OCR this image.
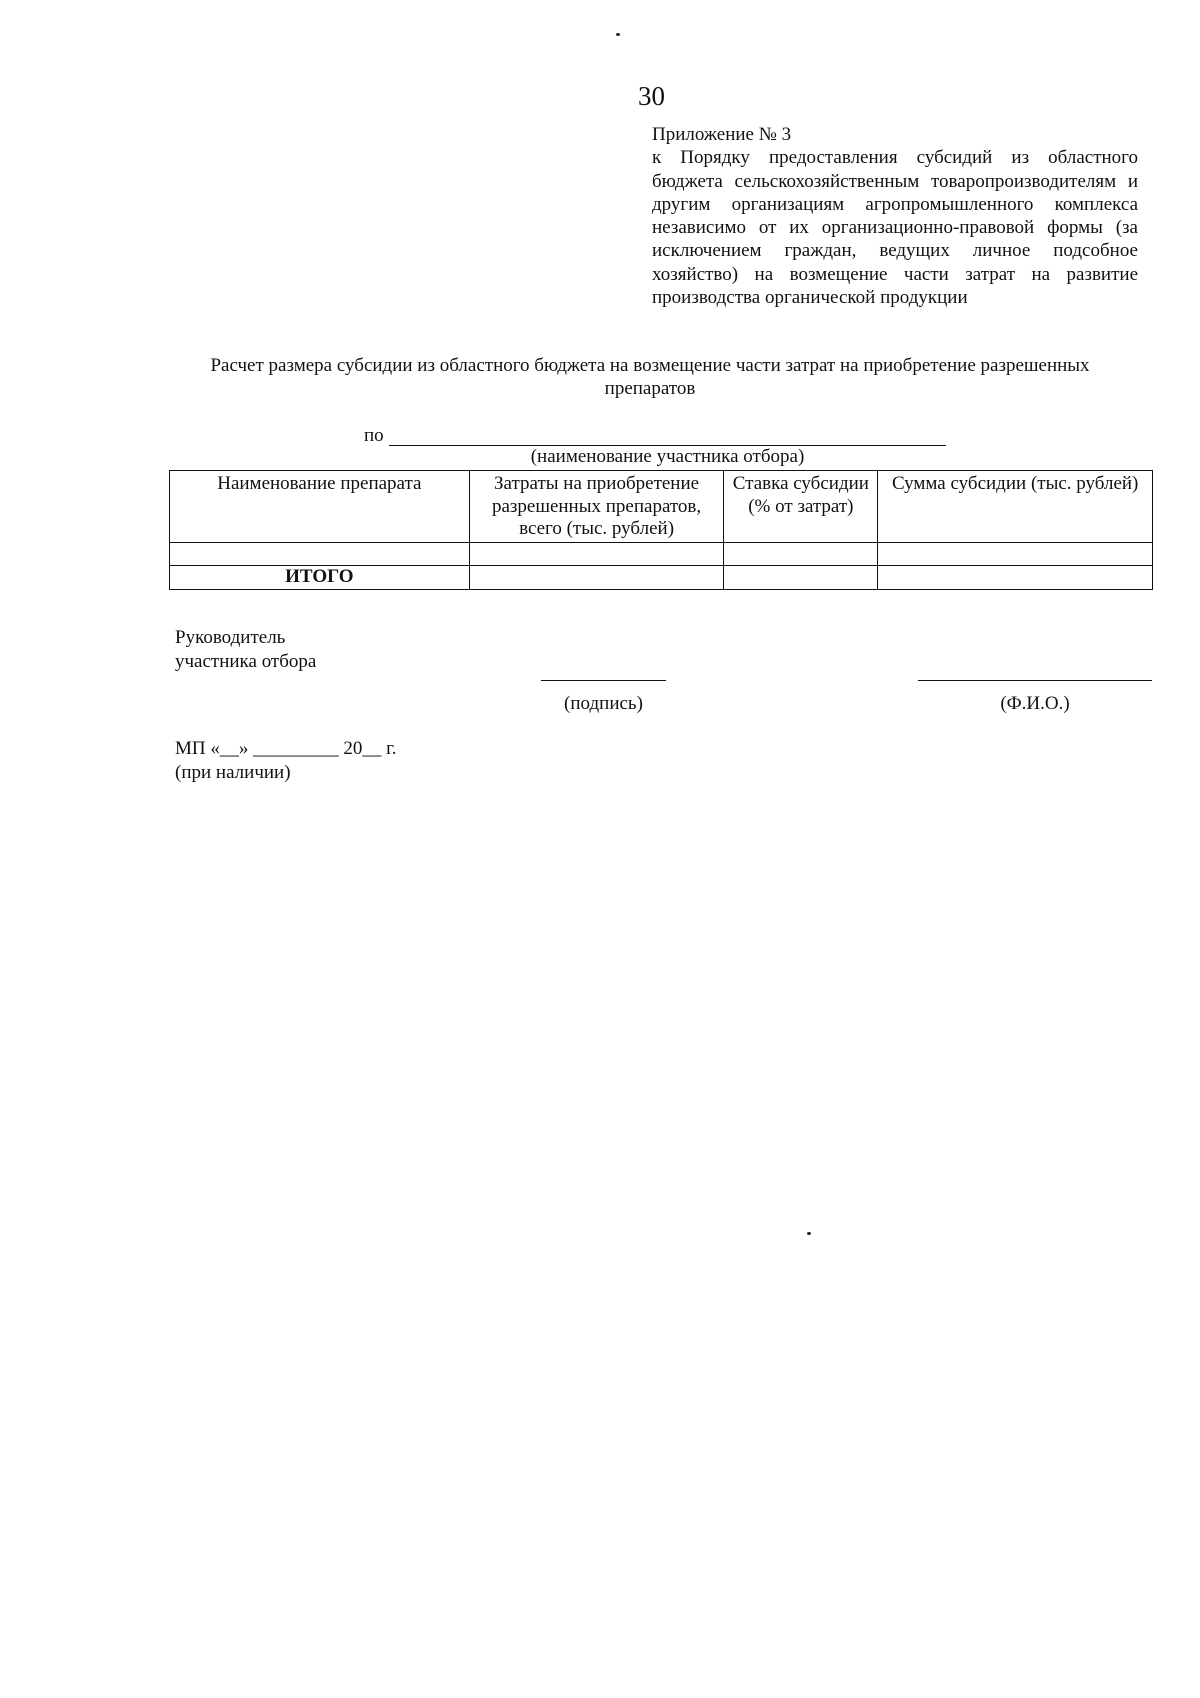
30
Приложение № 3
к Порядку предоставления субсидий из областного бюджета сельскохозяйственным товаропроизводителям и другим организациям агропромышленного комплекса независимо от их организационно-правовой формы (за исключением граждан, ведущих личное подсобное хозяйство) на возмещение части затрат на развитие производства органической продукции
Расчет размера субсидии из областного бюджета на возмещение части затрат на приобретение разрешенных препаратов
по
(наименование участника отбора)
Наименование препарата	Затраты на приобретение разрешенных препаратов, всего (тыс. рублей)	Ставка субсидии (% от затрат)	Сумма субсидии (тыс. рублей)

ИТОГО			
Руководитель
участника отбора
(подпись)	(Ф.И.О.)
МП «__» _________ 20__ г.
(при наличии)
